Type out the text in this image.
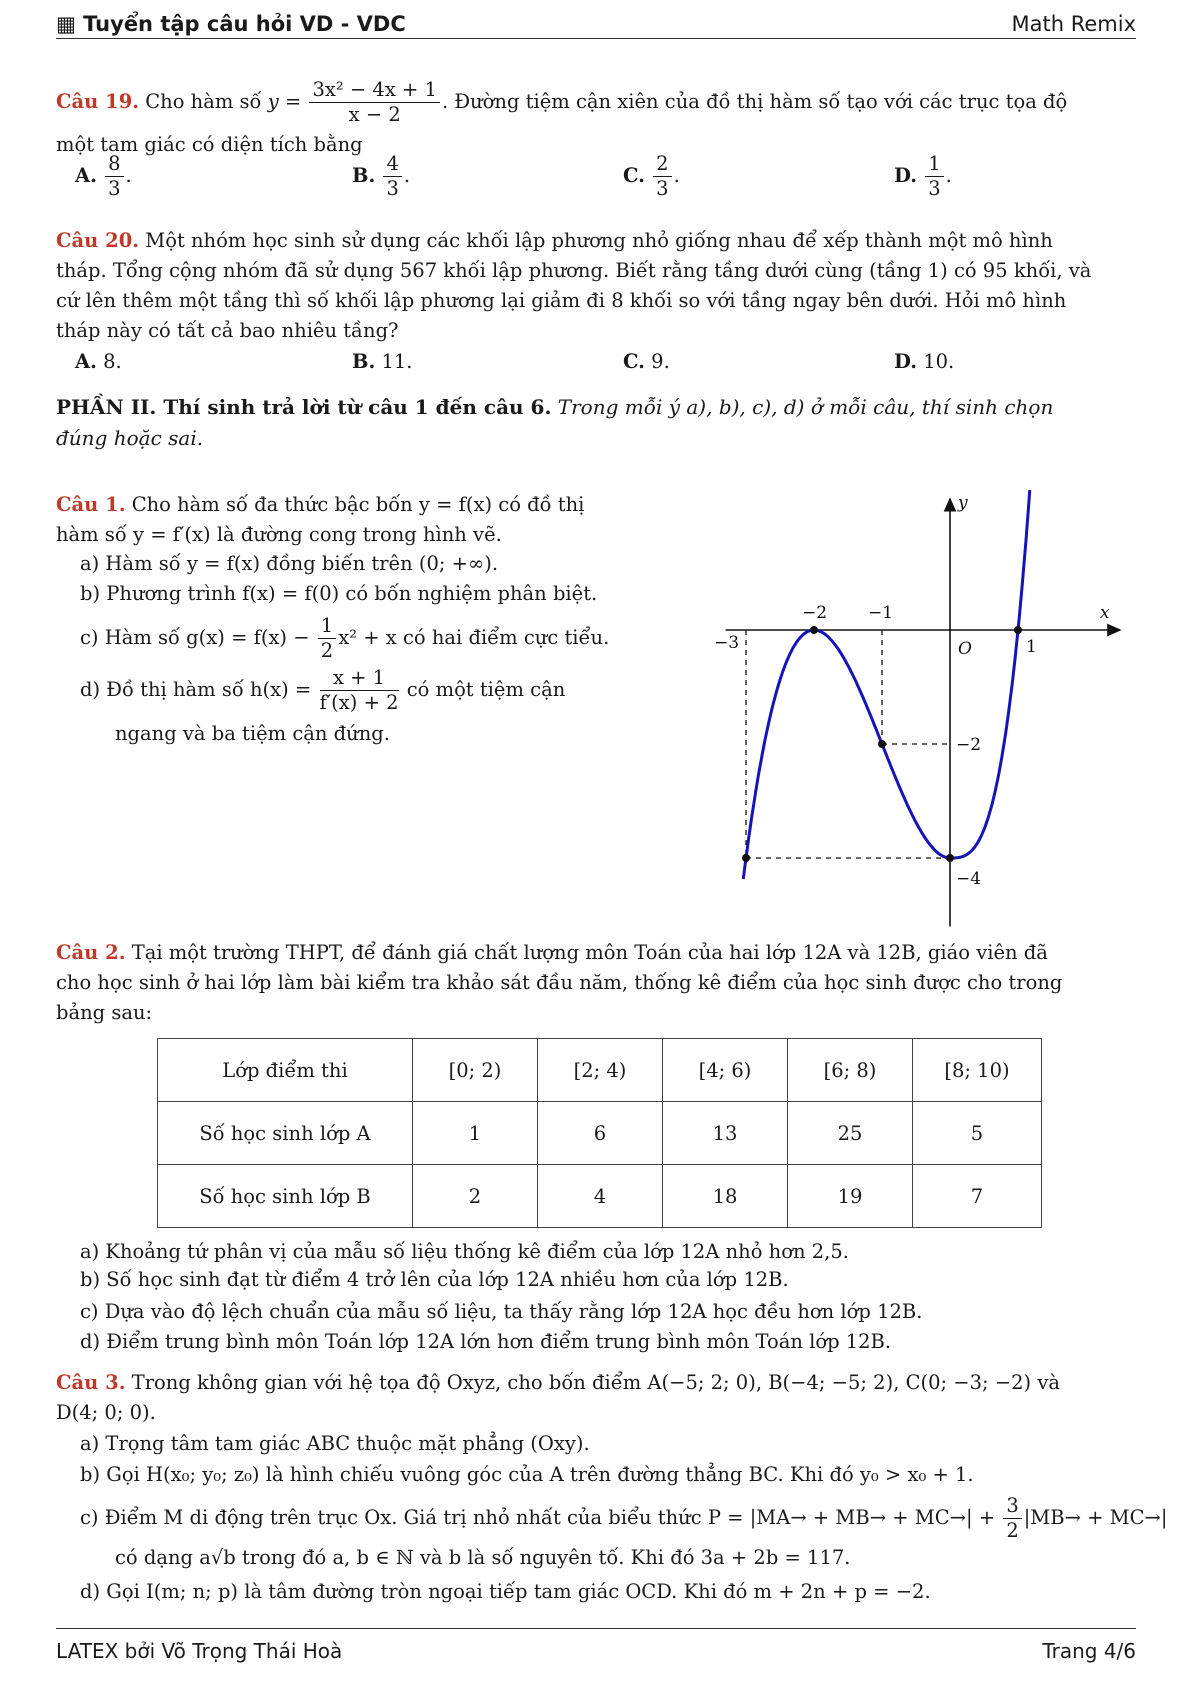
▦ Tuyển tập câu hỏi VD - VDC	Math Remix
Câu 19. Cho hàm số $y = \frac{\text{3x² − 4x + 1}}{x - 2}$ . Đường tiệm cận xiên của đồ thị hàm số tạo với các trục tọa độ
một tam giác có diện tích bằng
A. $\frac{8}{3}$ .	B. $\frac{4}{3}$ .	C. $\frac{2}{3}$ .	D. $\frac{1}{3}$ .
Câu 20. Một nhóm học sinh sử dụng các khối lập phương nhỏ giống nhau để xếp thành một mô hình
tháp. Tổng cộng nhóm đã sử dụng 567 khối lập phương. Biết rằng tầng dưới cùng (tầng 1) có 95 khối, và
cứ lên thêm một tầng thì số khối lập phương lại giảm đi 8 khối so với tầng ngay bên dưới. Hỏi mô hình
tháp này có tất cả bao nhiêu tầng?
A. 8.	B. 11.	C. 9.	D. 10.
PHẦN II. Thí sinh trả lời từ câu 1 đến câu 6. Trong mỗi ý a), b), c), d) ở mỗi câu, thí sinh chọn
đúng hoặc sai.
Câu 1. Cho hàm số đa thức bậc bốn y = f(x) có đồ thị
hàm số y = f′(x) là đường cong trong hình vẽ.
a) Hàm số y = f(x) đồng biến trên (0; +∞).
b) Phương trình f(x) = f(0) có bốn nghiệm phân biệt.
c) Hàm số $g(x) = f(x) - \frac{1}{2} x^2 + x$ có hai điểm cực tiểu.
d) Đồ thị hàm số $h(x) = \frac{x + 1}{f'(x) + 2}$ có một tiệm cận
ngang và ba tiệm cận đứng.
x
y
O
−3
−2 −1
1
−2
−4
Câu 2. Tại một trường THPT, để đánh giá chất lượng môn Toán của hai lớp 12A và 12B, giáo viên đã
cho học sinh ở hai lớp làm bài kiểm tra khảo sát đầu năm, thống kê điểm của học sinh được cho trong
bảng sau:
Lớp điểm thi	[0; 2)	[2; 4)	[4; 6)	[6; 8)	[8; 10)
Số học sinh lớp A	1	6	13	25	5
Số học sinh lớp B	2	4	18	19	7
a) Khoảng tứ phân vị của mẫu số liệu thống kê điểm của lớp 12A nhỏ hơn 2,5.
b) Số học sinh đạt từ điểm 4 trở lên của lớp 12A nhiều hơn của lớp 12B.
c) Dựa vào độ lệch chuẩn của mẫu số liệu, ta thấy rằng lớp 12A học đều hơn lớp 12B.
d) Điểm trung bình môn Toán lớp 12A lớn hơn điểm trung bình môn Toán lớp 12B.
Câu 3. Trong không gian với hệ tọa độ Oxyz, cho bốn điểm A(−5; 2; 0), B(−4; −5; 2), C(0; −3; −2) và
D(4; 0; 0).
a) Trọng tâm tam giác ABC thuộc mặt phẳng (Oxy).
b) Gọi H(x₀; y₀; z₀) là hình chiếu vuông góc của A trên đường thẳng BC. Khi đó y₀ > x₀ + 1.
c) Điểm M di động trên trục Ox. Giá trị nhỏ nhất của biểu thức $P = |MA\to + MB\to + MC\to| + \frac{3}{2} |MB\to + MC\to|$
có dạng a√b trong đó a, b ∈ ℕ và b là số nguyên tố. Khi đó 3a + 2b = 117.
d) Gọi I(m; n; p) là tâm đường tròn ngoại tiếp tam giác OCD. Khi đó m + 2n + p = −2.
LATEX bởi Võ Trọng Thái Hoà	Trang 4/6
